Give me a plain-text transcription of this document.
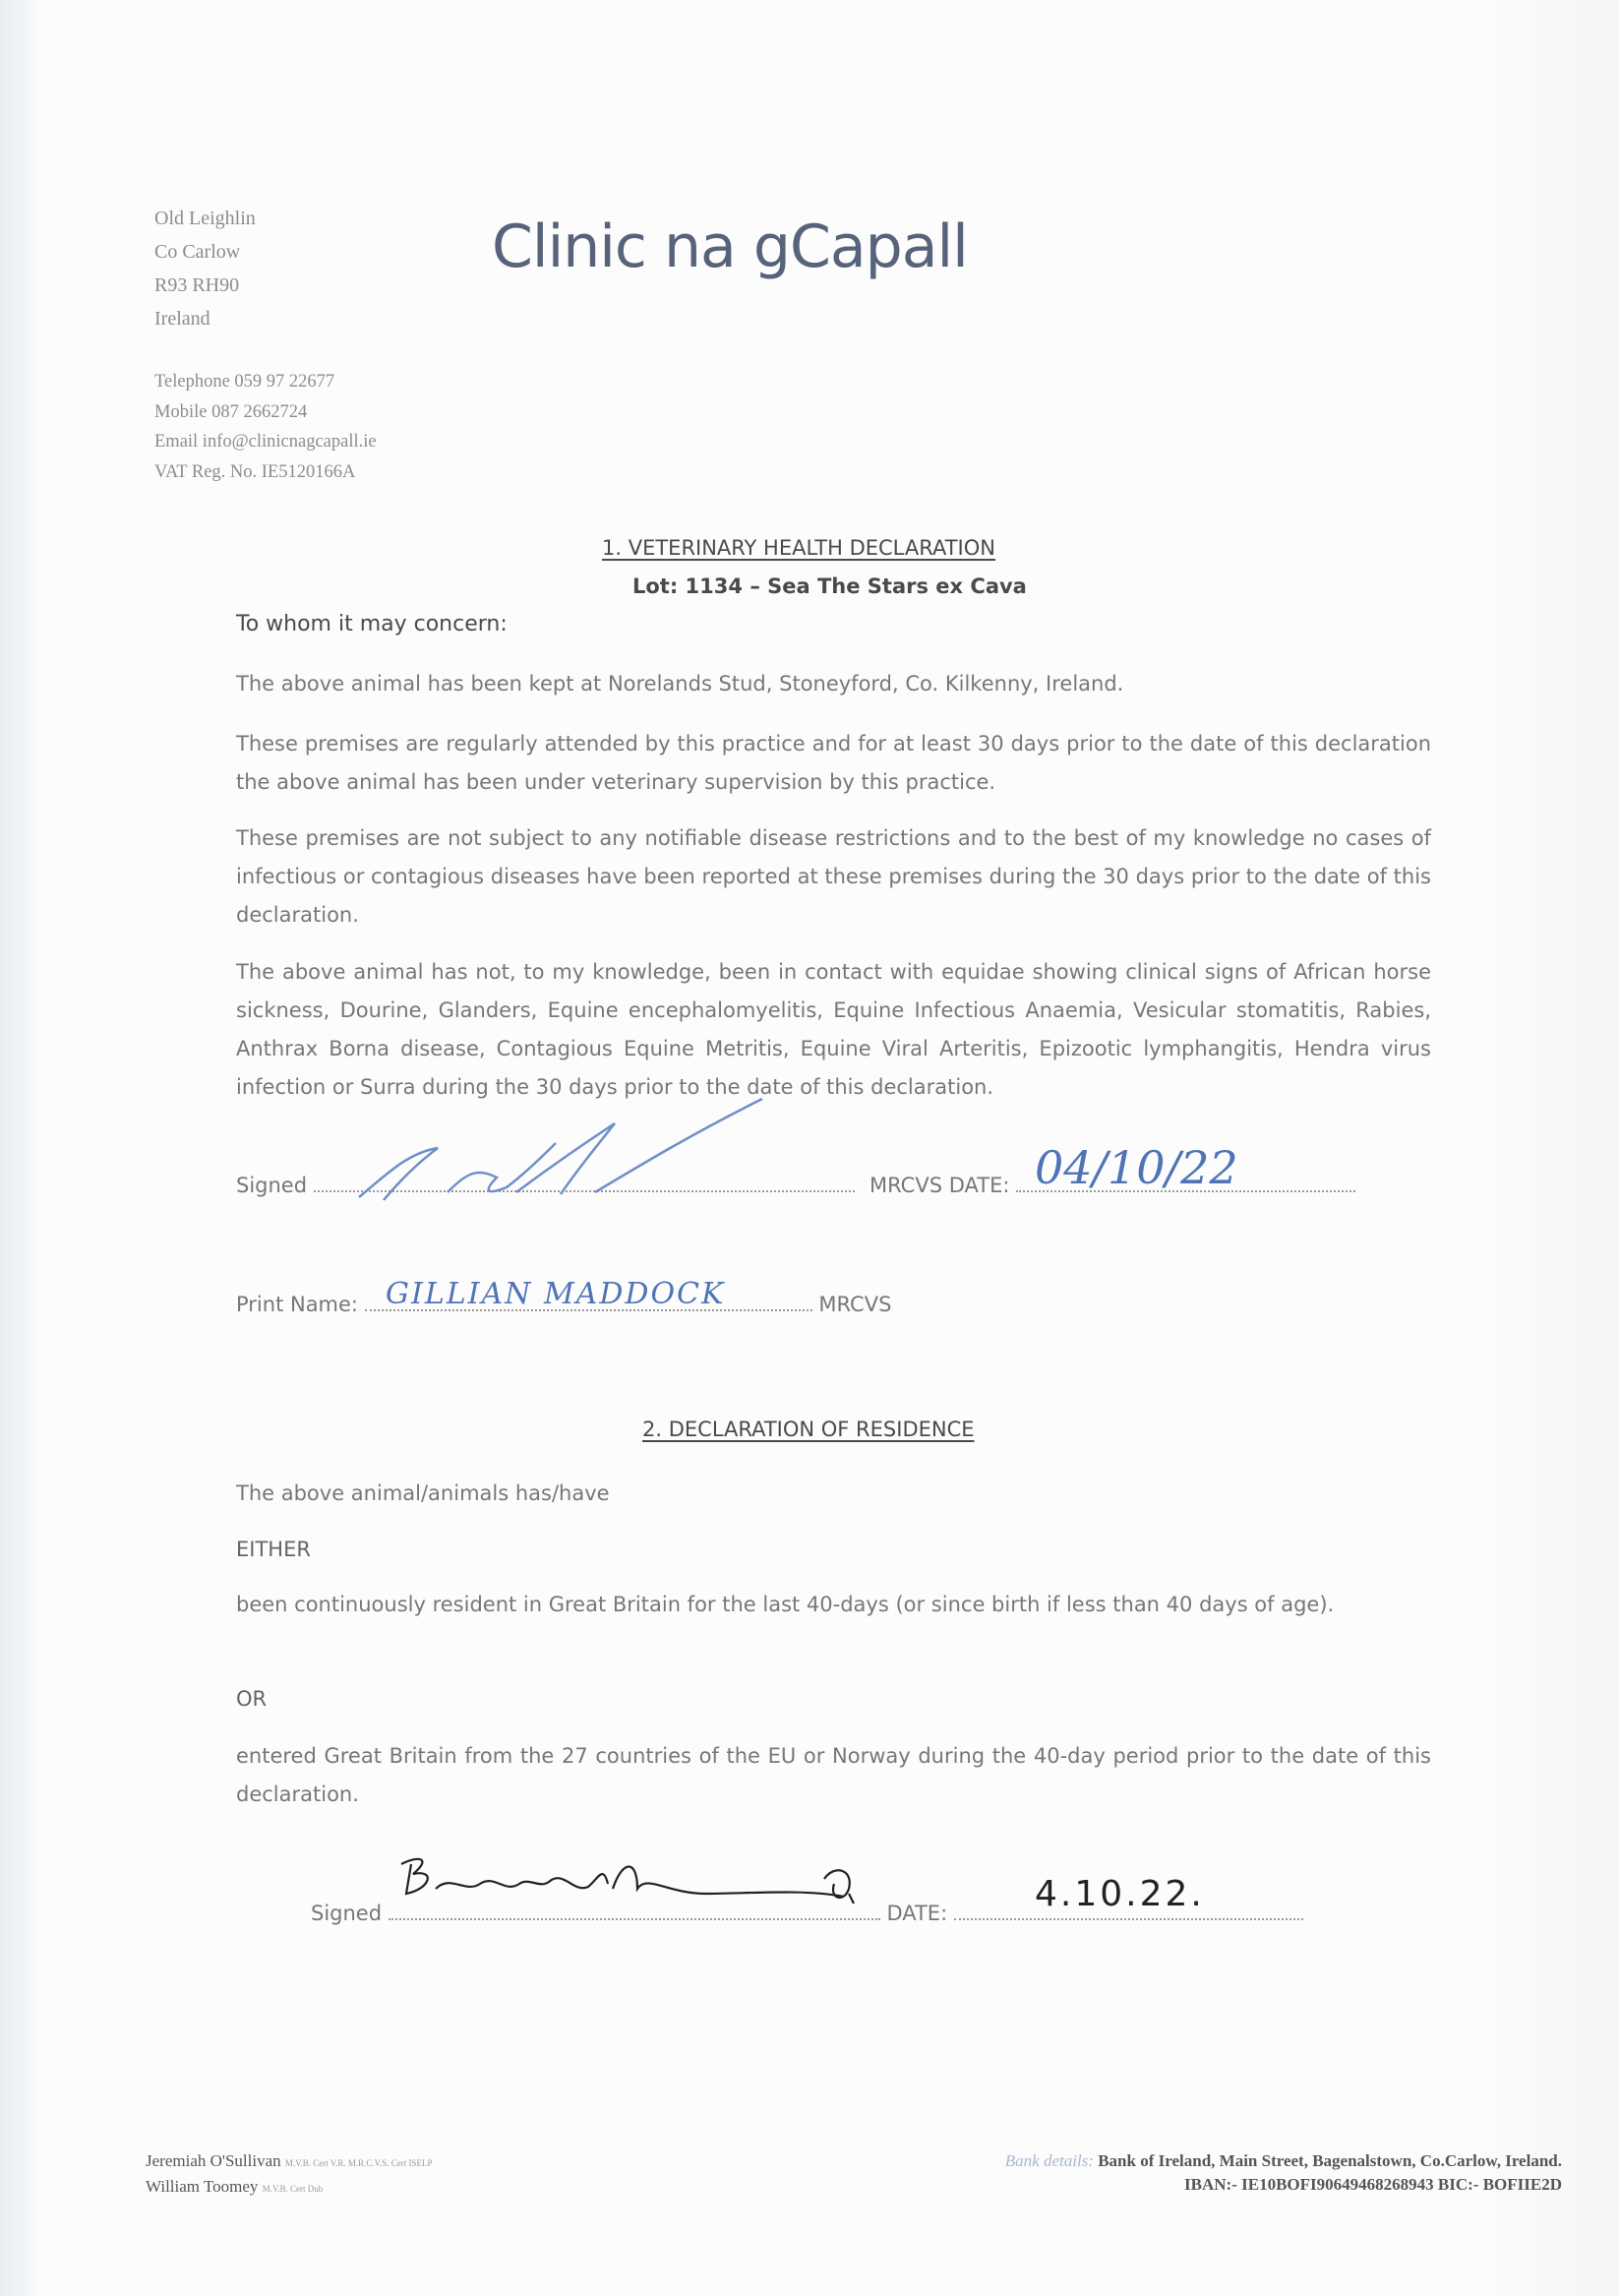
Old Leighlin
Co Carlow
R93 RH90
Ireland
Telephone 059 97 22677
Mobile 087 2662724
Email info@clinicnagcapall.ie
VAT Reg. No. IE5120166A
Clinic na gCapall
1. VETERINARY HEALTH DECLARATION
Lot: 1134 – Sea The Stars ex Cava
To whom it may concern:
The above animal has been kept at Norelands Stud, Stoneyford, Co. Kilkenny, Ireland.
These premises are regularly attended by this practice and for at least 30 days prior to the date of this declaration the above animal has been under veterinary supervision by this practice.
These premises are not subject to any notifiable disease restrictions and to the best of my knowledge no cases of infectious or contagious diseases have been reported at these premises during the 30 days prior to the date of this declaration.
The above animal has not, to my knowledge, been in contact with equidae showing clinical signs of African horse sickness, Dourine, Glanders, Equine encephalomyelitis, Equine Infectious Anaemia, Vesicular stomatitis, Rabies, Anthrax Borna disease, Contagious Equine Metritis, Equine Viral Arteritis, Epizootic lymphangitis, Hendra virus infection or Surra during the 30 days prior to the date of this declaration.
Signed	MRCVS DATE: 04/10/22
Print Name:	MRCVS
GILLIAN MADDOCK
2. DECLARATION OF RESIDENCE
The above animal/animals has/have
EITHER
been continuously resident in Great Britain for the last 40-days (or since birth if less than 40 days of age).
OR
entered Great Britain from the 27 countries of the EU or Norway during the 40-day period prior to the date of this declaration.
Signed	DATE:	4.10.22.
Jeremiah O'Sullivan M.V.B. Cert V.R. M.R.C.V.S. Cert ISELP
William Toomey M.V.B. Cert Dub
Bank details: Bank of Ireland, Main Street, Bagenalstown, Co.Carlow, Ireland.
IBAN:- IE10BOFI90649468268943 BIC:- BOFIIE2D
